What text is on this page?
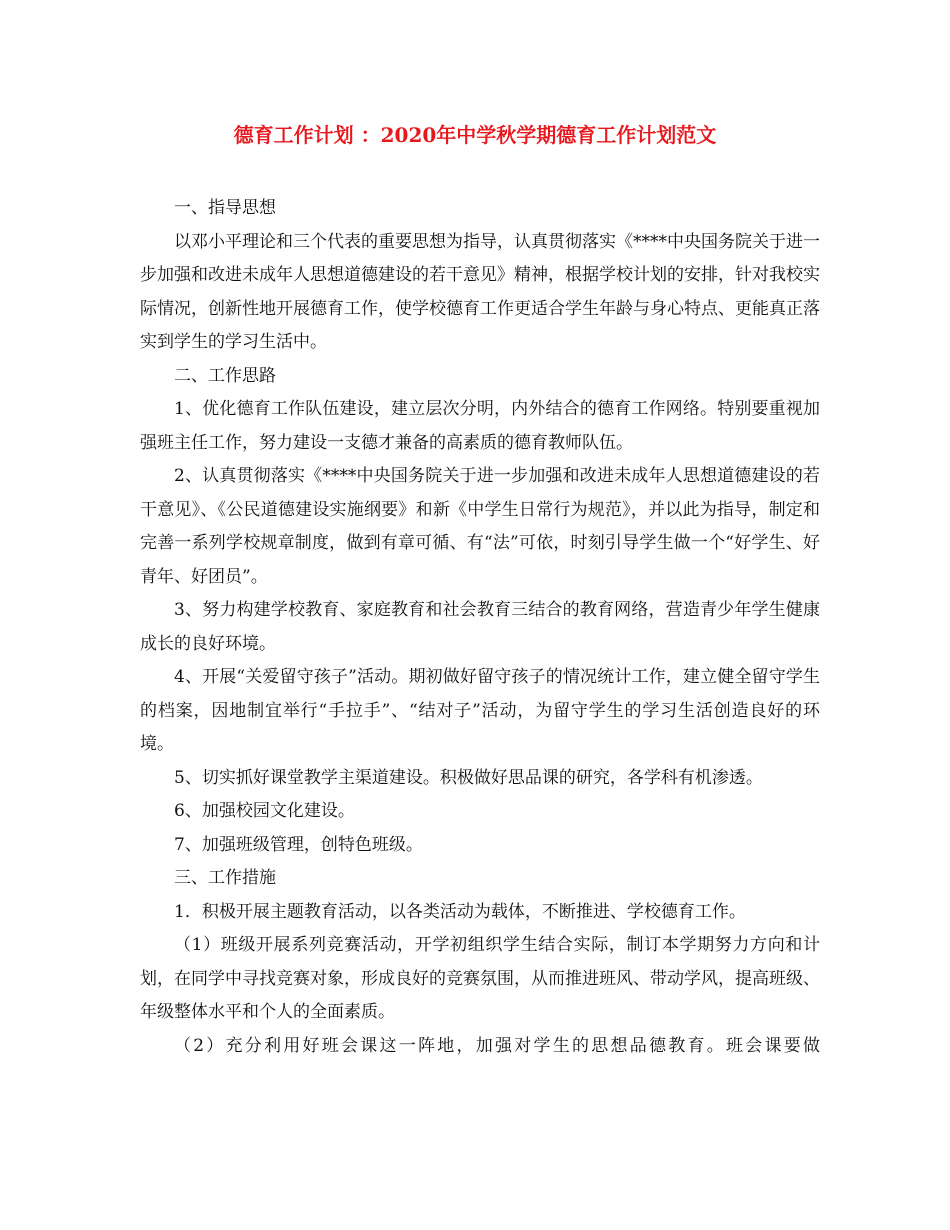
德育工作计划 ：2020年中学秋学期德育工作计划范文

一、指导思想

以邓小平理论和三个代表的重要思想为指导，认真贯彻落实《****中央国务院关于进一步加强和改进未成年人思想道德建设的若干意见》精神，根据学校计划的安排，针对我校实际情况，创新性地开展德育工作，使学校德育工作更适合学生年龄与身心特点、更能真正落实到学生的学习生活中。

二、工作思路

1、优化德育工作队伍建设，建立层次分明，内外结合的德育工作网络。特别要重视加强班主任工作，努力建设一支德才兼备的高素质的德育教师队伍。

2、认真贯彻落实《****中央国务院关于进一步加强和改进未成年人思想道德建设的若干意见》、《公民道德建设实施纲要》和新《中学生日常行为规范》，并以此为指导，制定和完善一系列学校规章制度，做到有章可循、有“法”可依，时刻引导学生做一个“好学生、好青年、好团员”。

3、努力构建学校教育、家庭教育和社会教育三结合的教育网络，营造青少年学生健康成长的良好环境。

4、开展“关爱留守孩子”活动。期初做好留守孩子的情况统计工作，建立健全留守学生的档案，因地制宜举行“手拉手”、“结对子”活动，为留守学生的学习生活创造良好的环境。

5、切实抓好课堂教学主渠道建设。积极做好思品课的研究，各学科有机渗透。

6、加强校园文化建设。

7、加强班级管理，创特色班级。

三、工作措施

1．积极开展主题教育活动，以各类活动为载体，不断推进、学校德育工作。

（1）班级开展系列竞赛活动，开学初组织学生结合实际，制订本学期努力方向和计划，在同学中寻找竞赛对象，形成良好的竞赛氛围，从而推进班风、带动学风，提高班级、年级整体水平和个人的全面素质。

（2）充分利用好班会课这一阵地，加强对学生的思想品德教育。班会课要做
